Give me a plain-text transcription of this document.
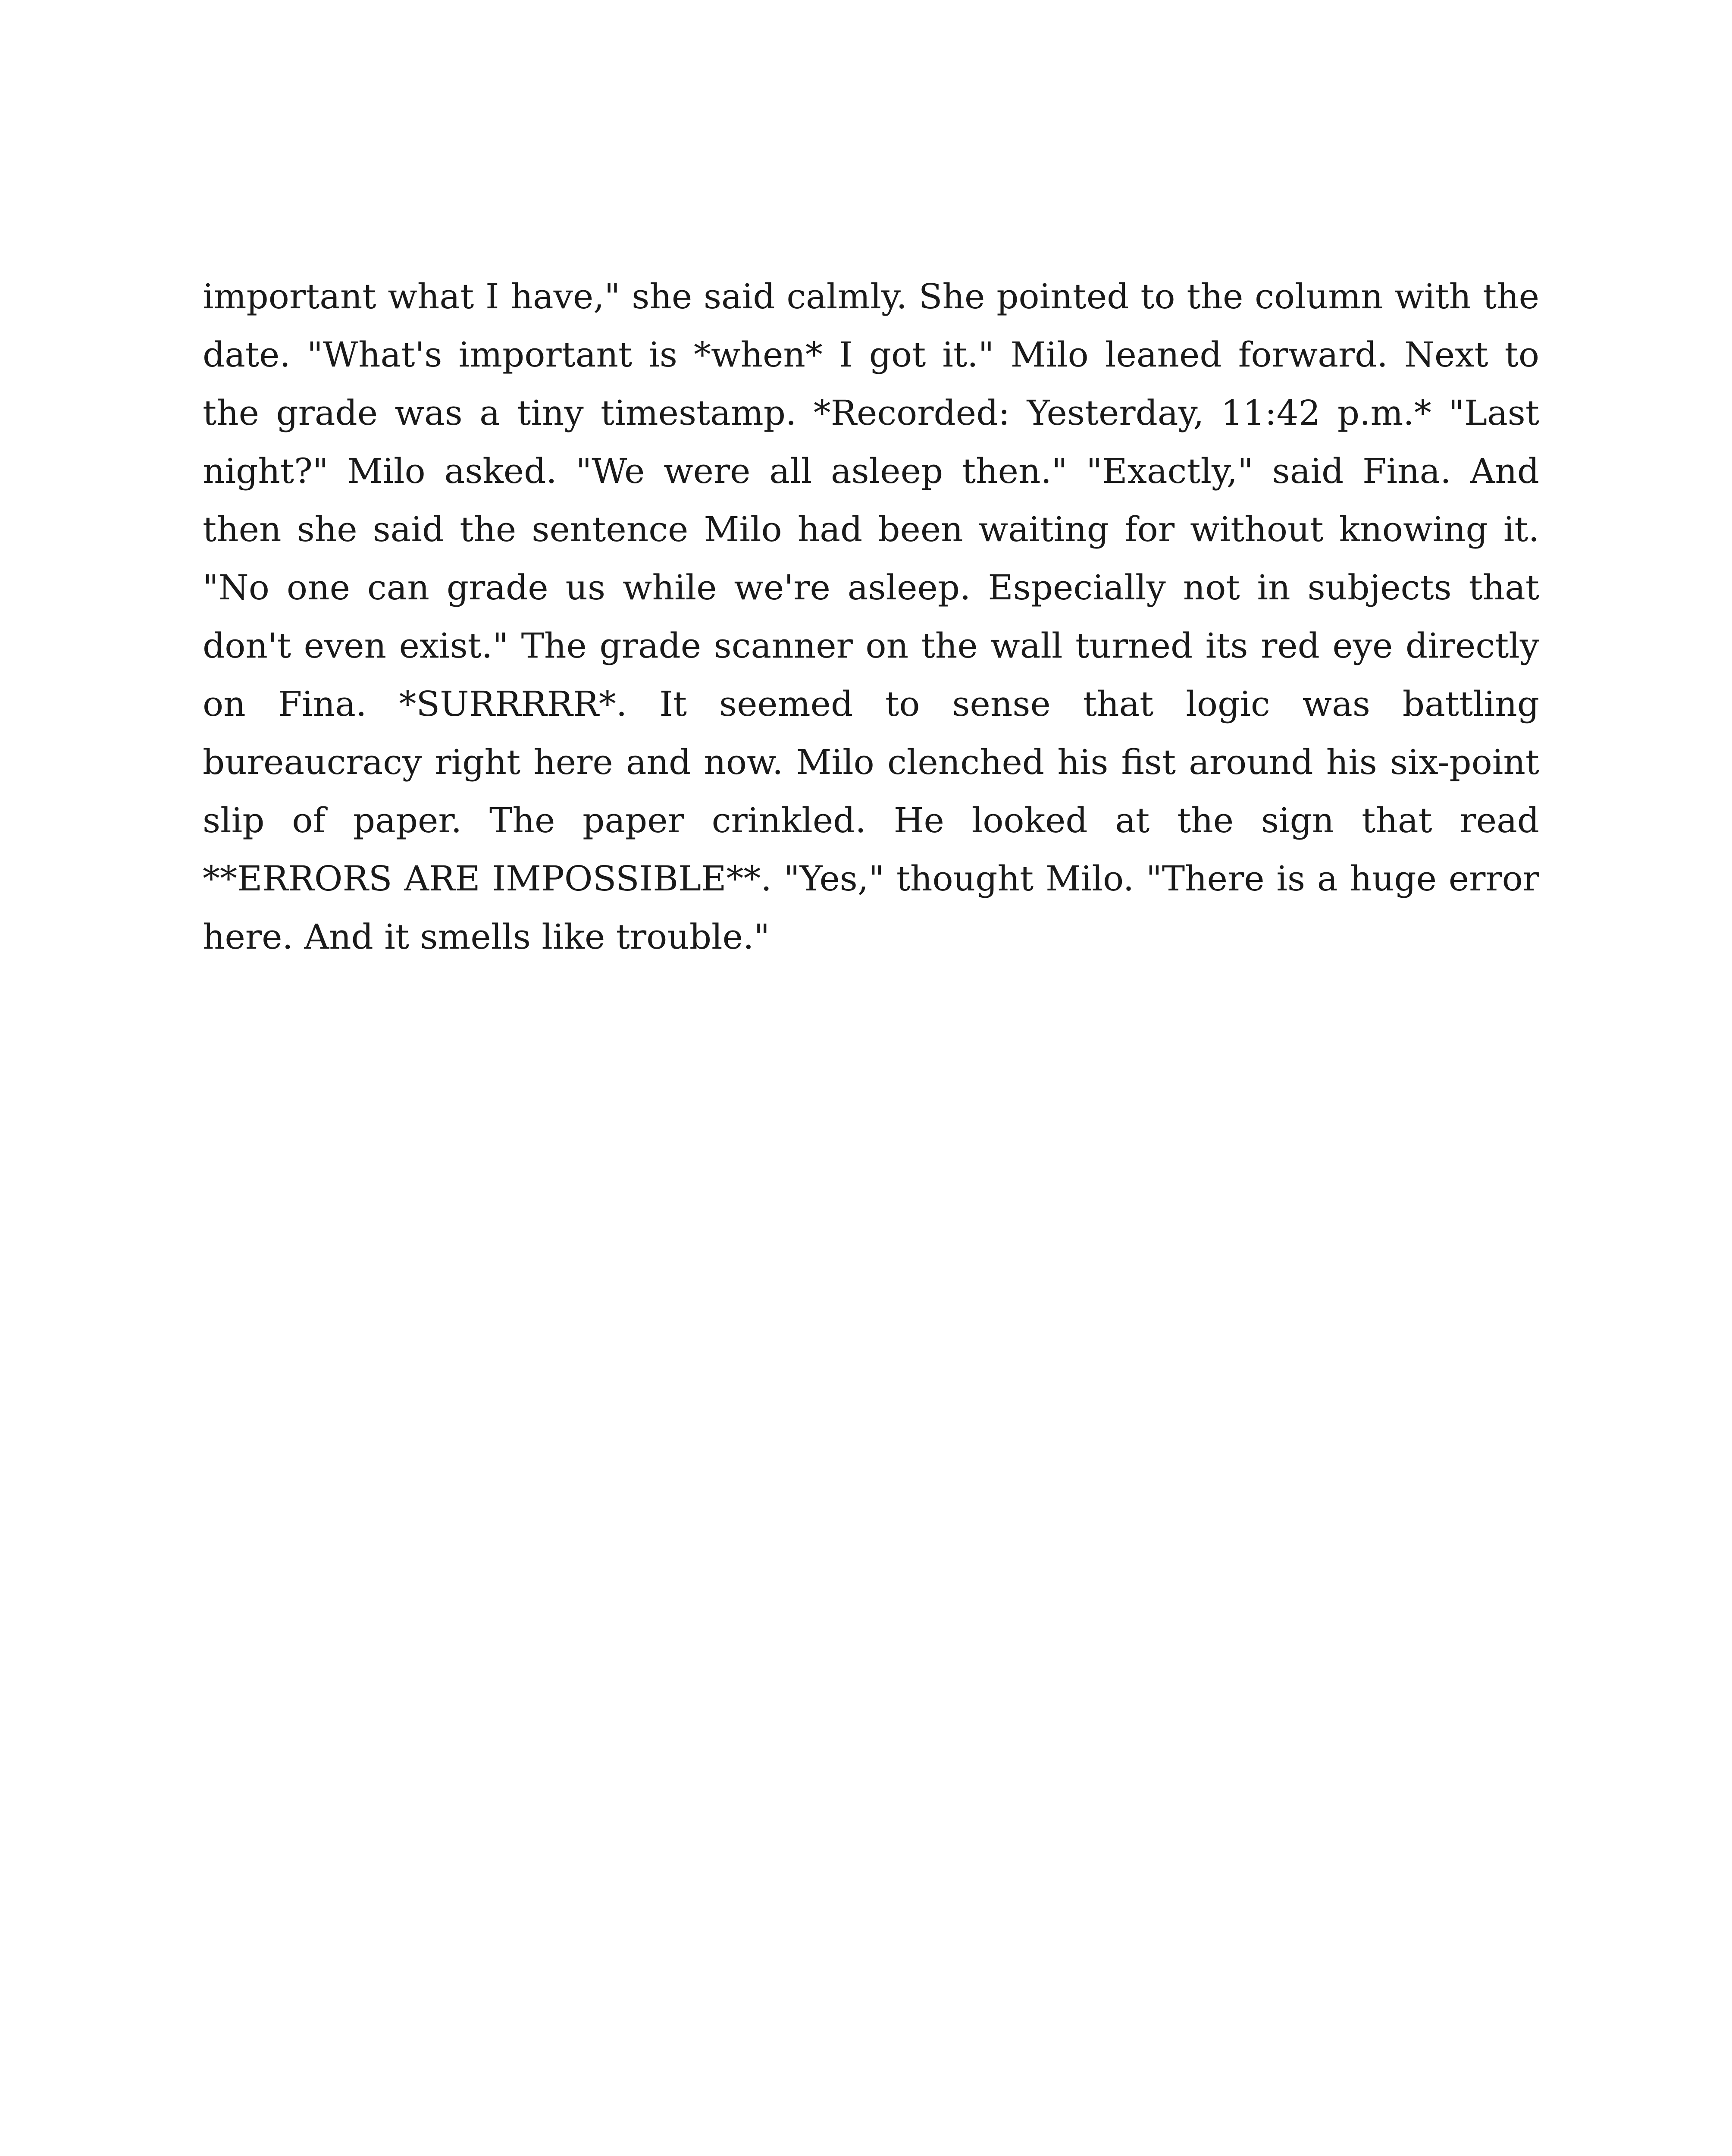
important what I have," she said calmly. She pointed to the column with the date. "What's important is *when* I got it." Milo leaned forward. Next to the grade was a tiny timestamp. *Recorded: Yesterday, 11:42 p.m.* "Last night?" Milo asked. "We were all asleep then." "Exactly," said Fina. And then she said the sentence Milo had been waiting for without knowing it. "No one can grade us while we're asleep. Especially not in subjects that don't even exist." The grade scanner on the wall turned its red eye directly on Fina. *SURRRRR*. It seemed to sense that logic was battling bureaucracy right here and now. Milo clenched his fist around his six-point slip of paper. The paper crinkled. He looked at the sign that read **ERRORS ARE IMPOSSIBLE**. "Yes," thought Milo. "There is a huge error here. And it smells like trouble."
